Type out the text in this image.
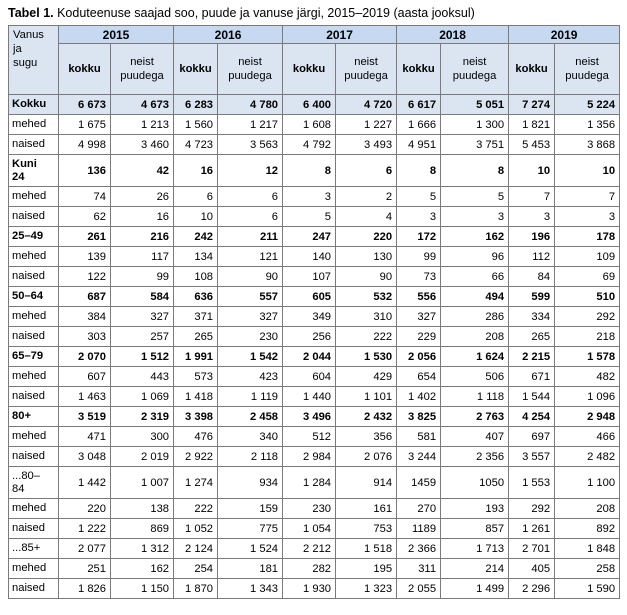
Tabel 1. Koduteenuse saajad soo, puude ja vanuse järgi, 2015–2019 (aasta jooksul)
Vanus
ja
sugu	2015		2016		2017		2018		2019	
	kokku	neist
puudega	kokku	neist
puudega	kokku	neist
puudega	kokku	neist
puudega	kokku	neist
puudega
Kokku	6 673	4 673	6 283	4 780	6 400	4 720	6 617	5 051	7 274	5 224
mehed	1 675	1 213	1 560	1 217	1 608	1 227	1 666	1 300	1 821	1 356
naised	4 998	3 460	4 723	3 563	4 792	3 493	4 951	3 751	5 453	3 868
Kuni
24	136	42	16	12	8	6	8	8	10	10
mehed	74	26	6	6	3	2	5	5	7	7
naised	62	16	10	6	5	4	3	3	3	3
25–49	261	216	242	211	247	220	172	162	196	178
mehed	139	117	134	121	140	130	99	96	112	109
naised	122	99	108	90	107	90	73	66	84	69
50–64	687	584	636	557	605	532	556	494	599	510
mehed	384	327	371	327	349	310	327	286	334	292
naised	303	257	265	230	256	222	229	208	265	218
65–79	2 070	1 512	1 991	1 542	2 044	1 530	2 056	1 624	2 215	1 578
mehed	607	443	573	423	604	429	654	506	671	482
naised	1 463	1 069	1 418	1 119	1 440	1 101	1 402	1 118	1 544	1 096
80+	3 519	2 319	3 398	2 458	3 496	2 432	3 825	2 763	4 254	2 948
mehed	471	300	476	340	512	356	581	407	697	466
naised	3 048	2 019	2 922	2 118	2 984	2 076	3 244	2 356	3 557	2 482
...80–
84	1 442	1 007	1 274	934	1 284	914	1459	1050	1 553	1 100
mehed	220	138	222	159	230	161	270	193	292	208
naised	1 222	869	1 052	775	1 054	753	1189	857	1 261	892
...85+	2 077	1 312	2 124	1 524	2 212	1 518	2 366	1 713	2 701	1 848
mehed	251	162	254	181	282	195	311	214	405	258
naised	1 826	1 150	1 870	1 343	1 930	1 323	2 055	1 499	2 296	1 590
